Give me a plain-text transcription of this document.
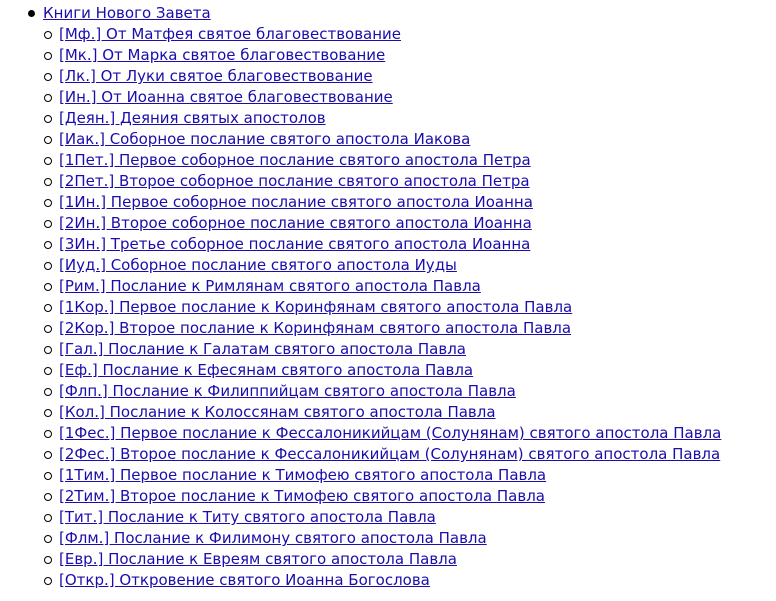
Книги Нового Завета
[Мф.] От Матфея святое благовествование
[Мк.] От Марка святое благовествование
[Лк.] От Луки святое благовествование
[Ин.] От Иоанна святое благовествование
[Деян.] Деяния святых апостолов
[Иак.] Соборное послание святого апостола Иакова
[1Пет.] Первое соборное послание святого апостола Петра
[2Пет.] Второе соборное послание святого апостола Петра
[1Ин.] Первое соборное послание святого апостола Иоанна
[2Ин.] Второе соборное послание святого апостола Иоанна
[3Ин.] Третье соборное послание святого апостола Иоанна
[Иуд.] Соборное послание святого апостола Иуды
[Рим.] Послание к Римлянам святого апостола Павла
[1Кор.] Первое послание к Коринфянам святого апостола Павла
[2Кор.] Второе послание к Коринфянам святого апостола Павла
[Гал.] Послание к Галатам святого апостола Павла
[Еф.] Послание к Ефесянам святого апостола Павла
[Флп.] Послание к Филиппийцам святого апостола Павла
[Кол.] Послание к Колоссянам святого апостола Павла
[1Фес.] Первое послание к Фессалоникийцам (Солунянам) святого апостола Павла
[2Фес.] Второе послание к Фессалоникийцам (Солунянам) святого апостола Павла
[1Тим.] Первое послание к Тимофею святого апостола Павла
[2Тим.] Второе послание к Тимофею святого апостола Павла
[Тит.] Послание к Титу святого апостола Павла
[Флм.] Послание к Филимону святого апостола Павла
[Евр.] Послание к Евреям святого апостола Павла
[Откр.] Откровение святого Иоанна Богослова
